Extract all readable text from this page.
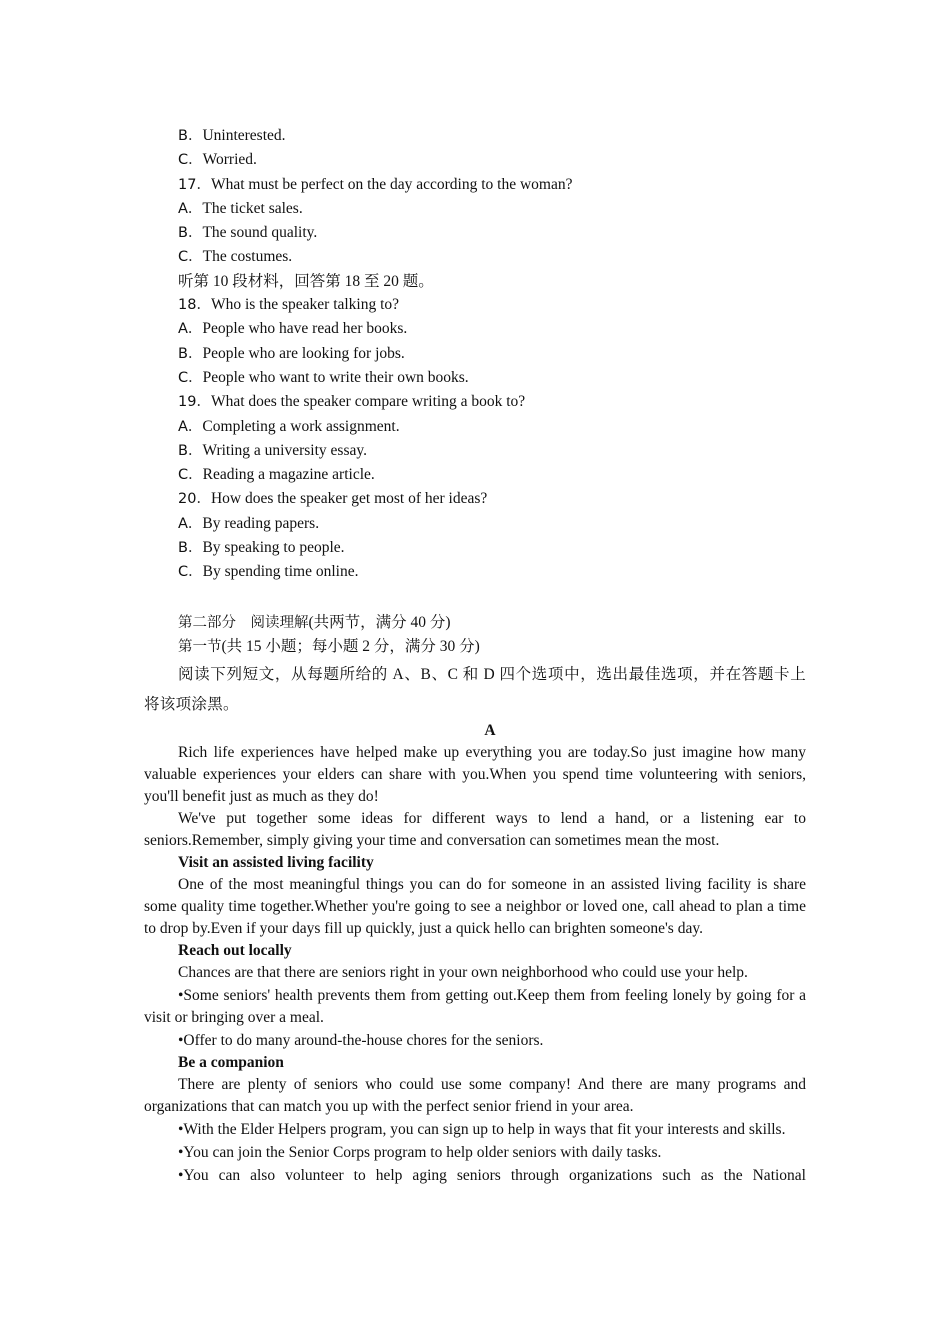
B．Uninterested.
C．Worried.
17．What must be perfect on the day according to the woman?
A．The ticket sales.
B．The sound quality.
C．The costumes.
听第 10 段材料，回答第 18 至 20 题。
18．Who is the speaker talking to?
A．People who have read her books.
B．People who are looking for jobs.
C．People who want to write their own books.
19．What does the speaker compare writing a book to?
A．Completing a work assignment.
B．Writing a university essay.
C．Reading a magazine article.
20．How does the speaker get most of her ideas?
A．By reading papers.
B．By speaking to people.
C．By spending time online.
第二部分　阅读理解(共两节，满分 40 分)
第一节(共 15 小题；每小题 2 分，满分 30 分)
阅读下列短文，从每题所给的 A、B、C 和 D 四个选项中，选出最佳选项，并在答题卡上将该项涂黑。
A
Rich life experiences have helped make up everything you are today.So just imagine how many valuable experiences your elders can share with you.When you spend time volunteering with seniors, you'll benefit just as much as they do!
We've put together some ideas for different ways to lend a hand, or a listening ear to seniors.Remember, simply giving your time and conversation can sometimes mean the most.
Visit an assisted living facility
One of the most meaningful things you can do for someone in an assisted living facility is share some quality time together.Whether you're going to see a neighbor or loved one, call ahead to plan a time to drop by.Even if your days fill up quickly, just a quick hello can brighten someone's day.
Reach out locally
Chances are that there are seniors right in your own neighborhood who could use your help.
•Some seniors' health prevents them from getting out.Keep them from feeling lonely by going for a visit or bringing over a meal.
•Offer to do many around-the-house chores for the seniors.
Be a companion
There are plenty of seniors who could use some company! And there are many programs and organizations that can match you up with the perfect senior friend in your area.
•With the Elder Helpers program, you can sign up to help in ways that fit your interests and skills.
•You can join the Senior Corps program to help older seniors with daily tasks.
•You can also volunteer to help aging seniors through organizations such as the National
